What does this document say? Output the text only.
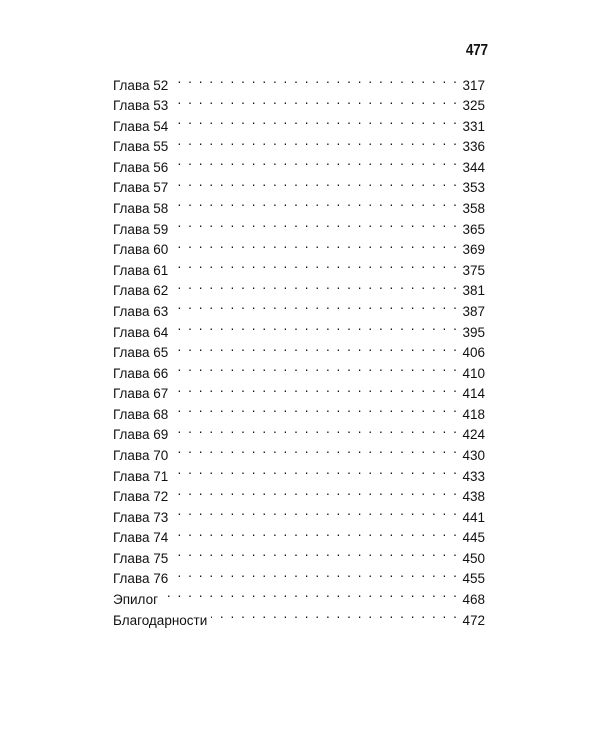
477
Глава 52 . . .	317
Глава 53 . . .	325
Глава 54 . . .	331
Глава 55 . . .	336
Глава 56 . . .	344
Глава 57 . . .	353
Глава 58 . . .	358
Глава 59 . . .	365
Глава 60 . . .	369
Глава 61 . . .	375
Глава 62 . . .	381
Глава 63 . . .	387
Глава 64 . . .	395
Глава 65 . . .	406
Глава 66 . . .	410
Глава 67 . . .	414
Глава 68 . . .	418
Глава 69 . . .	424
Глава 70 . . .	430
Глава 71 . . .	433
Глава 72 . . .	438
Глава 73 . . .	441
Глава 74 . . .	445
Глава 75 . . .	450
Глава 76 . . .	455
Эпилог . . .	468
Благодарности . . .	472
